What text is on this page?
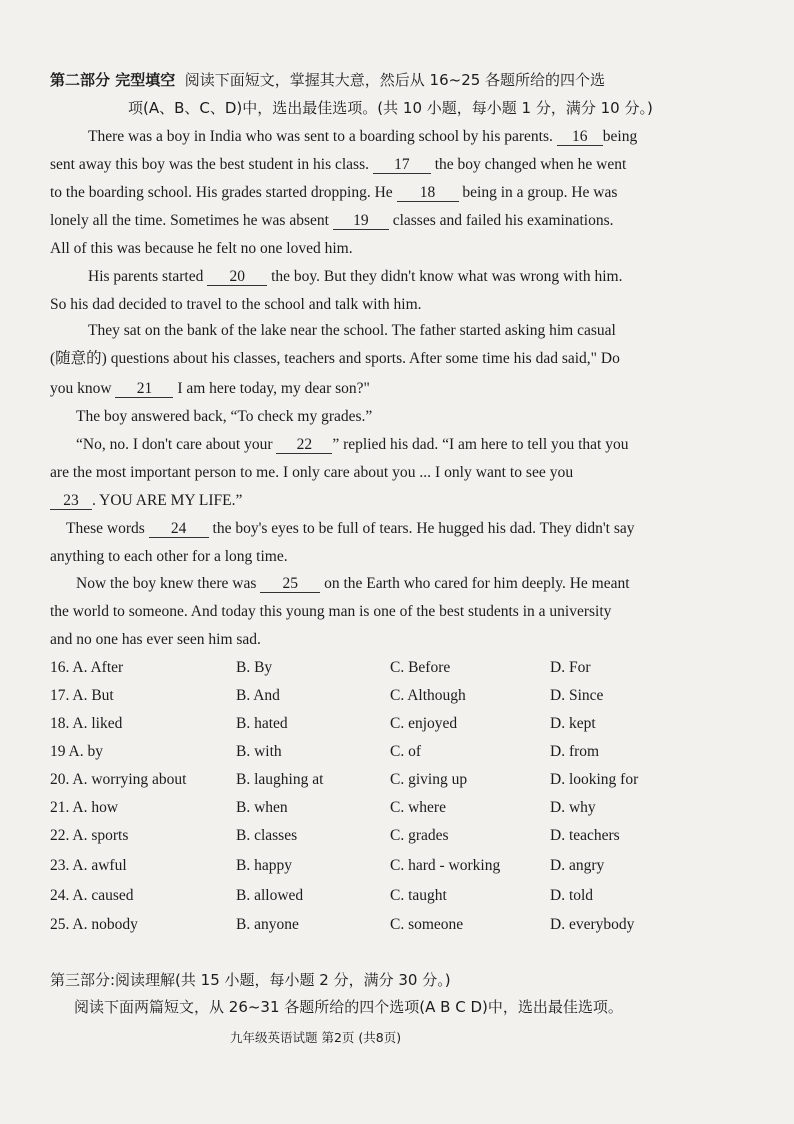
第二部分 完型填空 阅读下面短文，掌握其大意，然后从 16~25 各题所给的四个选
项(A、B、C、D)中，选出最佳选项。(共 10 小题，每小题 1 分，满分 10 分。)
There was a boy in India who was sent to a boarding school by his parents. 16 being
sent away this boy was the best student in his class. 17 the boy changed when he went
to the boarding school. His grades started dropping. He 18 being in a group. He was
lonely all the time. Sometimes he was absent 19 classes and failed his examinations.
All of this was because he felt no one loved him.
His parents started 20 the boy. But they didn't know what was wrong with him.
So his dad decided to travel to the school and talk with him.
They sat on the bank of the lake near the school. The father started asking him casual
(随意的) questions about his classes, teachers and sports. After some time his dad said," Do
you know 21 I am here today, my dear son?"
The boy answered back, “To check my grades.”
“No, no. I don't care about your 22 ” replied his dad. “I am here to tell you that you
are the most important person to me. I only care about you ... I only want to see you
23 . YOU ARE MY LIFE.”
These words 24 the boy's eyes to be full of tears. He hugged his dad. They didn't say
anything to each other for a long time.
Now the boy knew there was 25 on the Earth who cared for him deeply. He meant
the world to someone. And today this young man is one of the best students in a university
and no one has ever seen him sad.
16. A. After	B. By	C. Before	D. For
17. A. But	B. And	C. Although	D. Since
18. A. liked	B. hated	C. enjoyed	D. kept
19 A. by	B. with	C. of	D. from
20. A. worrying about	B. laughing at	C. giving up	D. looking for
21. A. how	B. when	C. where	D. why
22. A. sports	B. classes	C. grades	D. teachers
23. A. awful	B. happy	C. hard - working	D. angry
24. A. caused	B. allowed	C. taught	D. told
25. A. nobody	B. anyone	C. someone	D. everybody
第三部分:阅读理解(共 15 小题，每小题 2 分，满分 30 分。)
阅读下面两篇短文，从 26~31 各题所给的四个选项(A B C D)中，选出最佳选项。
九年级英语试题 第2页 (共8页)
